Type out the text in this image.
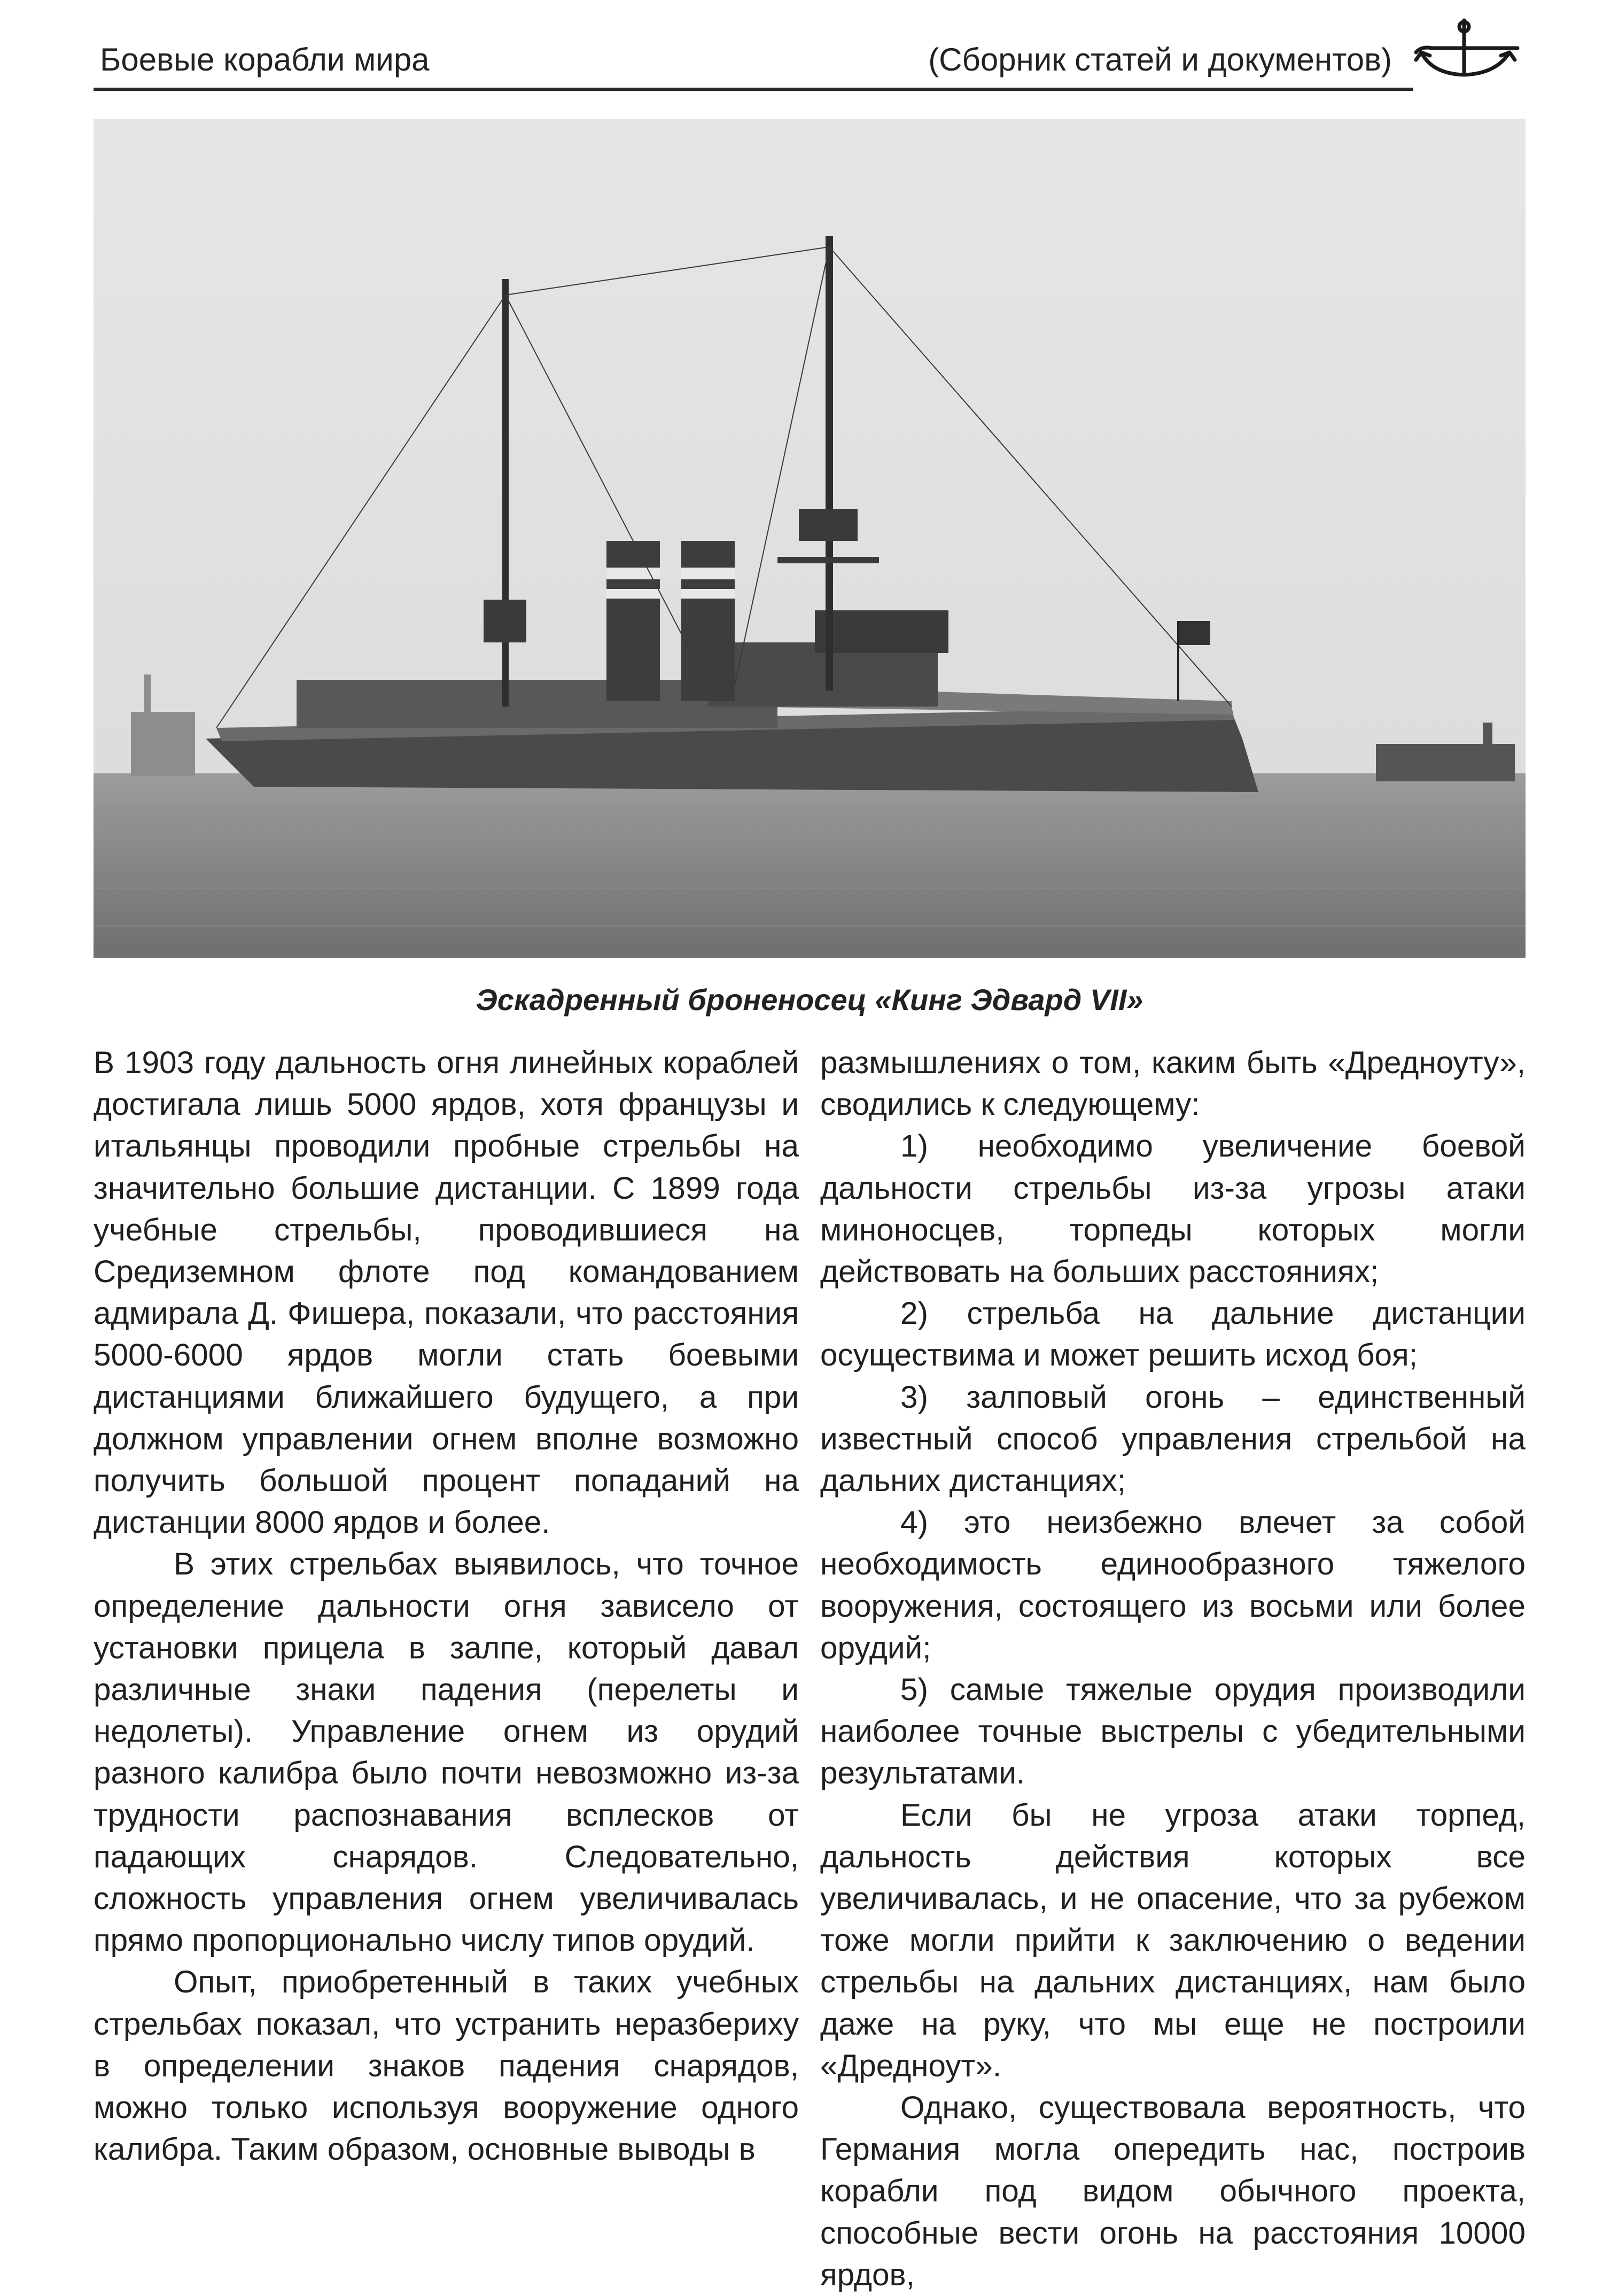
Боевые корабли мира	(Сборник статей и документов)
Эскадренный броненосец «Кинг Эдвард VII»

В 1903 году дальность огня линейных кораблей достигала лишь 5000 ярдов, хотя французы и итальянцы проводили пробные стрельбы на значительно большие дистанции. С 1899 года учебные стрельбы, проводившиеся на Средиземном флоте под командованием адмирала Д. Фишера, показали, что расстояния 5000-6000 ярдов могли стать боевыми дистанциями ближайшего будущего, а при должном управлении огнем вполне возможно получить большой процент попаданий на дистанции 8000 ярдов и более.

В этих стрельбах выявилось, что точное определение дальности огня зависело от установки прицела в залпе, который давал различные знаки падения (перелеты и недолеты). Управление огнем из орудий разного калибра было почти невозможно из-за трудности распознавания всплесков от падающих снарядов. Следовательно, сложность управления огнем увеличивалась прямо пропорционально числу типов орудий.

Опыт, приобретенный в таких учебных стрельбах показал, что устранить неразбериху в определении знаков падения снарядов, можно только используя вооружение одного калибра. Таким образом, основные выводы в

размышлениях о том, каким быть «Дредноуту», сводились к следующему:

1) необходимо увеличение боевой дальности стрельбы из-за угрозы атаки миноносцев, торпеды которых могли действовать на больших расстояниях;

2) стрельба на дальние дистанции осуществима и может решить исход боя;

3) залповый огонь – единственный известный способ управления стрельбой на дальних дистанциях;

4) это неизбежно влечет за собой необходимость единообразного тяжелого вооружения, состоящего из восьми или более орудий;

5) самые тяжелые орудия производили наиболее точные выстрелы с убедительными результатами.

Если бы не угроза атаки торпед, дальность действия которых все увеличивалась, и не опасение, что за рубежом тоже могли прийти к заключению о ведении стрельбы на дальних дистанциях, нам было даже на руку, что мы еще не построили «Дредноут».

Однако, существовала вероятность, что Германия могла опередить нас, построив корабли под видом обычного проекта, способные вести огонь на расстояния 10000 ярдов,
